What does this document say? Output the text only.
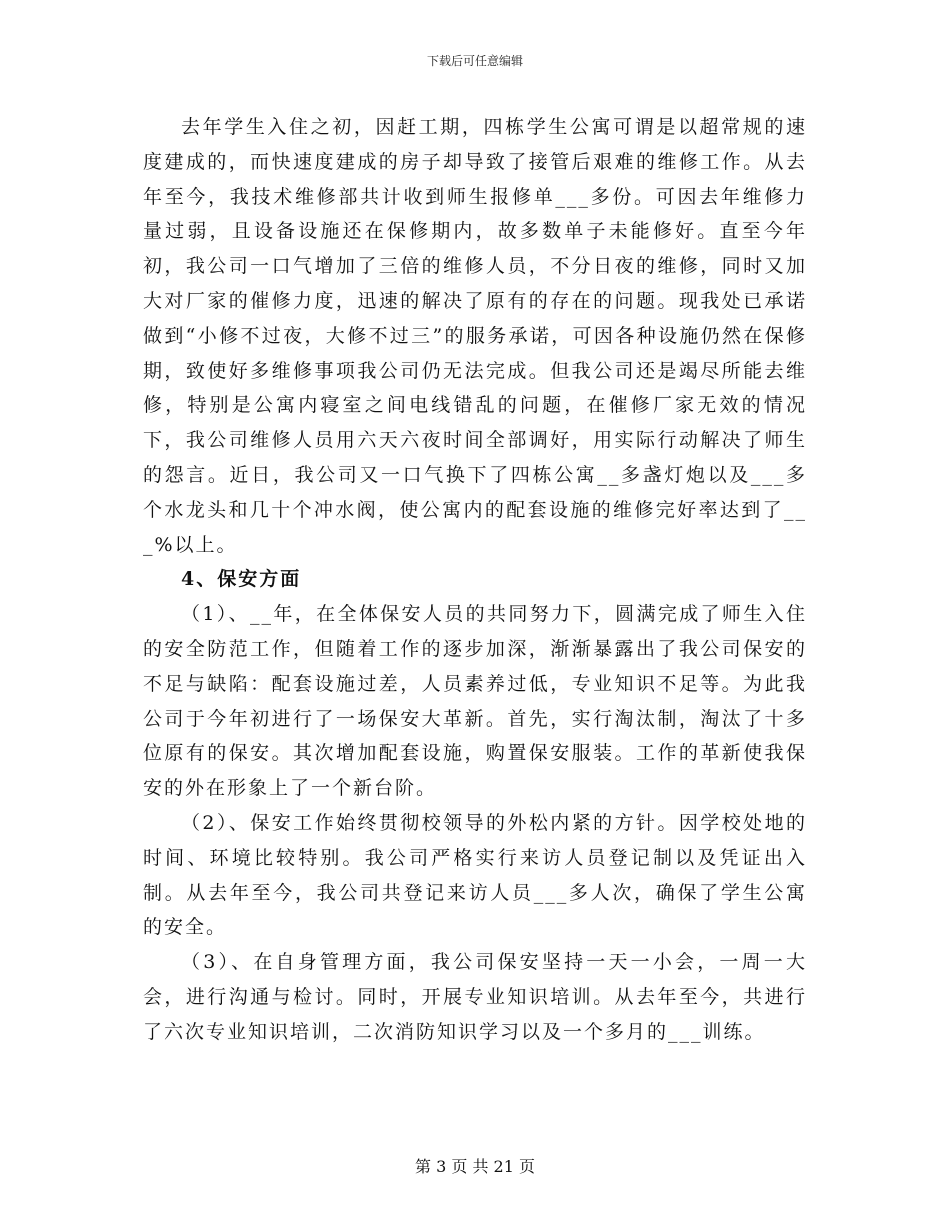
下载后可任意编辑

去年学生入住之初，因赶工期，四栋学生公寓可谓是以超常规的速度建成的，而快速度建成的房子却导致了接管后艰难的维修工作。从去年至今，我技术维修部共计收到师生报修单___多份。可因去年维修力量过弱，且设备设施还在保修期内，故多数单子未能修好。直至今年初，我公司一口气增加了三倍的维修人员，不分日夜的维修，同时又加大对厂家的催修力度，迅速的解决了原有的存在的问题。现我处已承诺做到“小修不过夜，大修不过三”的服务承诺，可因各种设施仍然在保修期，致使好多维修事项我公司仍无法完成。但我公司还是竭尽所能去维修，特别是公寓内寝室之间电线错乱的问题，在催修厂家无效的情况下，我公司维修人员用六天六夜时间全部调好，用实际行动解决了师生的怨言。近日，我公司又一口气换下了四栋公寓__多盏灯炮以及___多个水龙头和几十个冲水阀，使公寓内的配套设施的维修完好率达到了___%以上。

4、保安方面

（1）、__年，在全体保安人员的共同努力下，圆满完成了师生入住的安全防范工作，但随着工作的逐步加深，渐渐暴露出了我公司保安的不足与缺陷：配套设施过差，人员素养过低，专业知识不足等。为此我公司于今年初进行了一场保安大革新。首先，实行淘汰制，淘汰了十多位原有的保安。其次增加配套设施，购置保安服装。工作的革新使我保安的外在形象上了一个新台阶。

（2）、保安工作始终贯彻校领导的外松内紧的方针。因学校处地的时间、环境比较特别。我公司严格实行来访人员登记制以及凭证出入制。从去年至今，我公司共登记来访人员___多人次，确保了学生公寓的安全。

（3）、在自身管理方面，我公司保安坚持一天一小会，一周一大会，进行沟通与检讨。同时，开展专业知识培训。从去年至今，共进行了六次专业知识培训，二次消防知识学习以及一个多月的___训练。

第 3 页 共 21 页
